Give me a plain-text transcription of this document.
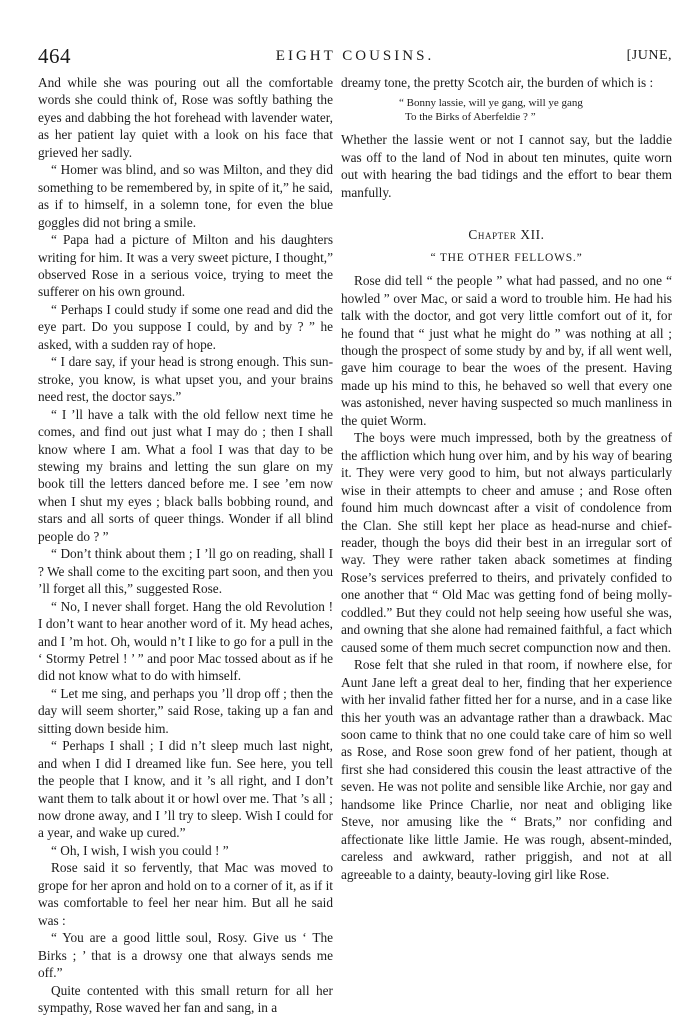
464	EIGHT COUSINS.	[JUNE,

And while she was pouring out all the comfortable words she could think of, Rose was softly bathing the eyes and dabbing the hot forehead with lavender water, as her patient lay quiet with a look on his face that grieved her sadly.

“ Homer was blind, and so was Milton, and they did something to be remembered by, in spite of it,” he said, as if to himself, in a solemn tone, for even the blue goggles did not bring a smile.

“ Papa had a picture of Milton and his daughters writing for him. It was a very sweet picture, I thought,” observed Rose in a serious voice, trying to meet the sufferer on his own ground.

“ Perhaps I could study if some one read and did the eye part. Do you suppose I could, by and by ? ” he asked, with a sudden ray of hope.

“ I dare say, if your head is strong enough. This sun-stroke, you know, is what upset you, and your brains need rest, the doctor says.”

“ I ’ll have a talk with the old fellow next time he comes, and find out just what I may do ; then I shall know where I am. What a fool I was that day to be stewing my brains and letting the sun glare on my book till the letters danced before me. I see ’em now when I shut my eyes ; black balls bobbing round, and stars and all sorts of queer things. Wonder if all blind people do ? ”

“ Don’t think about them ; I ’ll go on reading, shall I ? We shall come to the exciting part soon, and then you ’ll forget all this,” suggested Rose.

“ No, I never shall forget. Hang the old Revolution ! I don’t want to hear another word of it. My head aches, and I ’m hot. Oh, would n’t I like to go for a pull in the ‘ Stormy Petrel ! ’ ” and poor Mac tossed about as if he did not know what to do with himself.

“ Let me sing, and perhaps you ’ll drop off ; then the day will seem shorter,” said Rose, taking up a fan and sitting down beside him.

“ Perhaps I shall ; I did n’t sleep much last night, and when I did I dreamed like fun. See here, you tell the people that I know, and it ’s all right, and I don’t want them to talk about it or howl over me. That ’s all ; now drone away, and I ’ll try to sleep. Wish I could for a year, and wake up cured.”

“ Oh, I wish, I wish you could ! ”

Rose said it so fervently, that Mac was moved to grope for her apron and hold on to a corner of it, as if it was comfortable to feel her near him. But all he said was :

“ You are a good little soul, Rosy. Give us ‘ The Birks ; ’ that is a drowsy one that always sends me off.”

Quite contented with this small return for all her sympathy, Rose waved her fan and sang, in a

dreamy tone, the pretty Scotch air, the burden of which is :

“ Bonny lassie, will ye gang, will ye gang
To the Birks of Aberfeldie ? ”

Whether the lassie went or not I cannot say, but the laddie was off to the land of Nod in about ten minutes, quite worn out with hearing the bad tidings and the effort to bear them manfully.

Chapter XII.
“ THE OTHER FELLOWS.”

Rose did tell “ the people ” what had passed, and no one “ howled ” over Mac, or said a word to trouble him. He had his talk with the doctor, and got very little comfort out of it, for he found that “ just what he might do ” was nothing at all ; though the prospect of some study by and by, if all went well, gave him courage to bear the woes of the present. Having made up his mind to this, he behaved so well that every one was astonished, never having suspected so much manliness in the quiet Worm.

The boys were much impressed, both by the greatness of the affliction which hung over him, and by his way of bearing it. They were very good to him, but not always particularly wise in their attempts to cheer and amuse ; and Rose often found him much downcast after a visit of condolence from the Clan. She still kept her place as head-nurse and chief-reader, though the boys did their best in an irregular sort of way. They were rather taken aback sometimes at finding Rose’s services preferred to theirs, and privately confided to one another that “ Old Mac was getting fond of being molly-coddled.” But they could not help seeing how useful she was, and owning that she alone had remained faithful, a fact which caused some of them much secret compunction now and then.

Rose felt that she ruled in that room, if nowhere else, for Aunt Jane left a great deal to her, finding that her experience with her invalid father fitted her for a nurse, and in a case like this her youth was an advantage rather than a drawback. Mac soon came to think that no one could take care of him so well as Rose, and Rose soon grew fond of her patient, though at first she had considered this cousin the least attractive of the seven. He was not polite and sensible like Archie, nor gay and handsome like Prince Charlie, nor neat and obliging like Steve, nor amusing like the “ Brats,” nor confiding and affectionate like little Jamie. He was rough, absent-minded, careless and awkward, rather priggish, and not at all agreeable to a dainty, beauty-loving girl like Rose.
